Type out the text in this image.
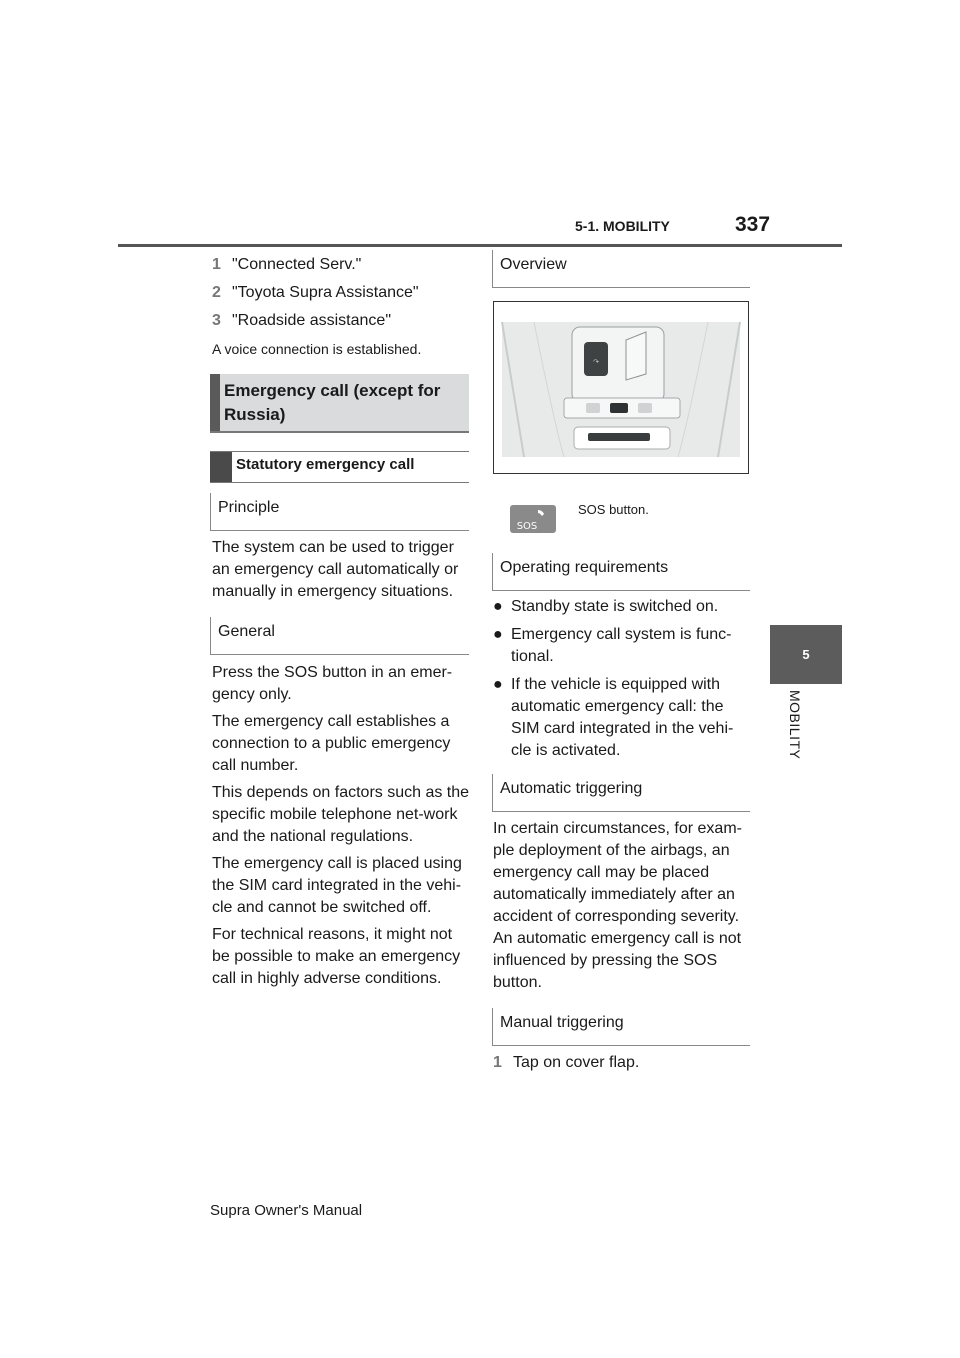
5-1. MOBILITY	337
5
MOBILITY
1 "Connected Serv."
2 "Toyota Supra Assistance"
3 "Roadside assistance"

A voice connection is established.

Emergency call (except for Russia)
Statutory emergency call
Principle

The system can be used to trigger an emergency call automatically or manually in emergency situations.

General

Press the SOS button in an emer-gency only.

The emergency call establishes a connection to a public emergency call number.

This depends on factors such as the specific mobile telephone net-work and the national regulations.

The emergency call is placed using the SIM card integrated in the vehi-cle and cannot be switched off.

For technical reasons, it might not be possible to make an emergency call in highly adverse conditions.

Overview
↷
SOS
SOS button.
Operating requirements
● Standby state is switched on.
● Emergency call system is func-tional.
● If the vehicle is equipped with automatic emergency call: the SIM card integrated in the vehi-cle is activated.
Automatic triggering

In certain circumstances, for exam-ple deployment of the airbags, an emergency call may be placed automatically immediately after an accident of corresponding severity. An automatic emergency call is not influenced by pressing the SOS button.

Manual triggering
1 Tap on cover flap.
Supra Owner's Manual
